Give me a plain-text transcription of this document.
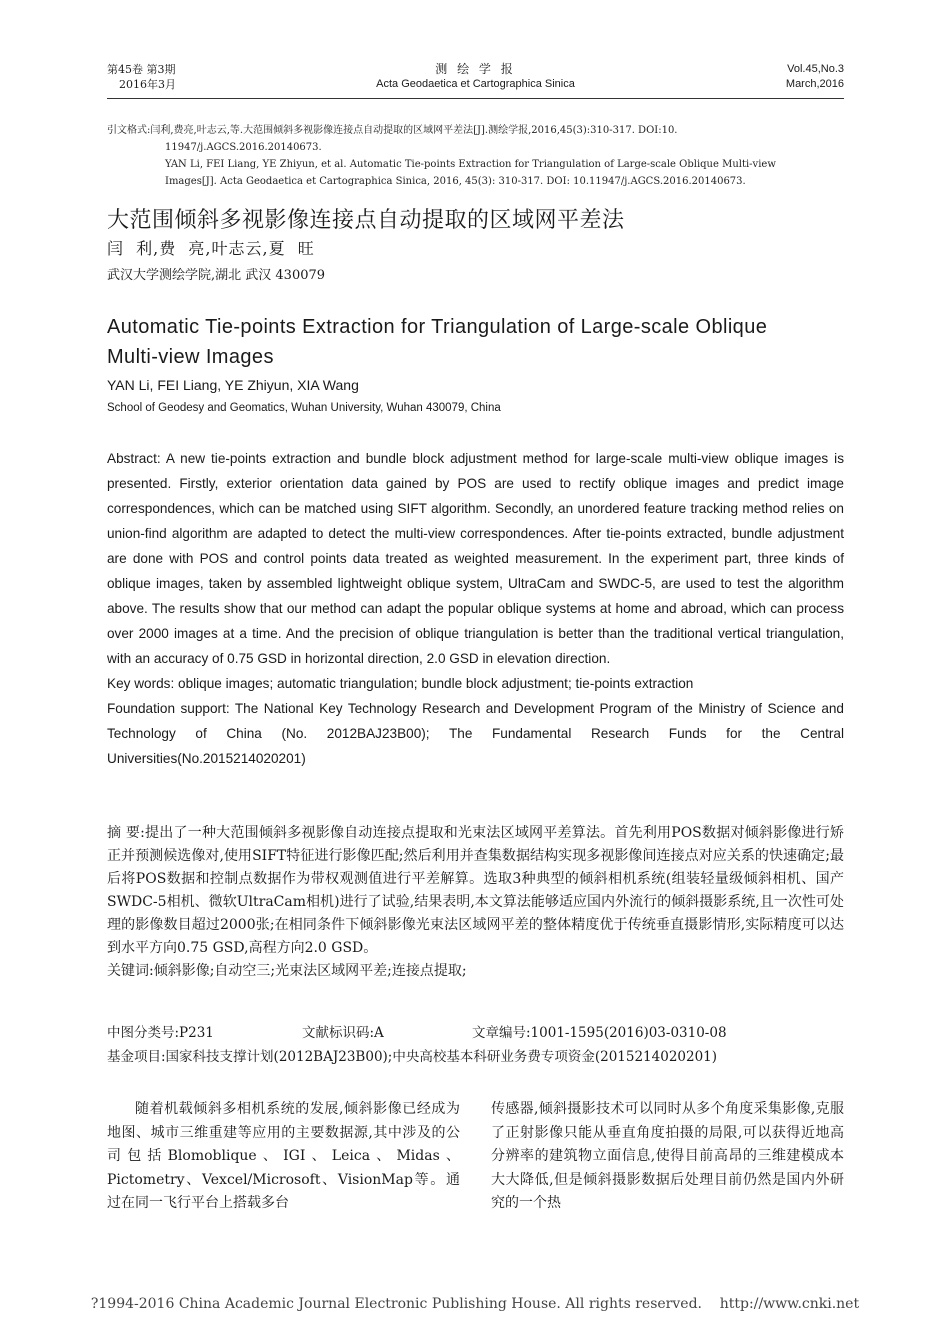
第45卷 第3期
2016年3月
测 绘 学 报
Acta Geodaetica et Cartographica Sinica
Vol.45,No.3
March,2016
引文格式:闫利,费亮,叶志云,等.大范围倾斜多视影像连接点自动提取的区域网平差法[J].测绘学报,2016,45(3):310-317. DOI:10.
11947/j.AGCS.2016.20140673.
YAN Li, FEI Liang, YE Zhiyun, et al. Automatic Tie-points Extraction for Triangulation of Large-scale Oblique Multi-view
Images[J]. Acta Geodaetica et Cartographica Sinica, 2016, 45(3): 310-317. DOI: 10.11947/j.AGCS.2016.20140673.
大范围倾斜多视影像连接点自动提取的区域网平差法
闫  利,费  亮,叶志云,夏  旺
武汉大学测绘学院,湖北 武汉 430079
Automatic Tie-points Extraction for Triangulation of Large-scale Oblique
Multi-view Images
YAN Li, FEI Liang, YE Zhiyun, XIA Wang
School of Geodesy and Geomatics, Wuhan University, Wuhan 430079, China

Abstract: A new tie-points extraction and bundle block adjustment method for large-scale multi-view oblique images is presented. Firstly, exterior orientation data gained by POS are used to rectify oblique images and predict image correspondences, which can be matched using SIFT algorithm. Secondly, an unordered feature tracking method relies on union-find algorithm are adapted to detect the multi-view correspondences. After tie-points extracted, bundle adjustment are done with POS and control points data treated as weighted measurement. In the experiment part, three kinds of oblique images, taken by assembled lightweight oblique system, UltraCam and SWDC-5, are used to test the algorithm above. The results show that our method can adapt the popular oblique systems at home and abroad, which can process over 2000 images at a time. And the precision of oblique triangulation is better than the traditional vertical triangulation, with an accuracy of 0.75 GSD in horizontal direction, 2.0 GSD in elevation direction.

Key words: oblique images; automatic triangulation; bundle block adjustment; tie-points extraction

Foundation support: The National Key Technology Research and Development Program of the Ministry of Science and Technology of China (No. 2012BAJ23B00); The Fundamental Research Funds for the Central Universities(No.2015214020201)

摘 要:提出了一种大范围倾斜多视影像自动连接点提取和光束法区域网平差算法。首先利用POS数据对倾斜影像进行矫正并预测候选像对,使用SIFT特征进行影像匹配;然后利用并查集数据结构实现多视影像间连接点对应关系的快速确定;最后将POS数据和控制点数据作为带权观测值进行平差解算。选取3种典型的倾斜相机系统(组装轻量级倾斜相机、国产SWDC-5相机、微软UltraCam相机)进行了试验,结果表明,本文算法能够适应国内外流行的倾斜摄影系统,且一次性可处理的影像数目超过2000张;在相同条件下倾斜影像光束法区域网平差的整体精度优于传统垂直摄影情形,实际精度可以达到水平方向0.75 GSD,高程方向2.0 GSD。

关键词:倾斜影像;自动空三;光束法区域网平差;连接点提取;

中图分类号:P231	文献标识码:A	文章编号:1001-1595(2016)03-0310-08
基金项目:国家科技支撑计划(2012BAJ23B00);中央高校基本科研业务费专项资金(2015214020201)

随着机载倾斜多相机系统的发展,倾斜影像已经成为地图、城市三维重建等应用的主要数据源,其中涉及的公司包括Blomoblique、IGI、Leica、Midas、Pictometry、Vexcel/Microsoft、VisionMap等。通过在同一飞行平台上搭载多台

传感器,倾斜摄影技术可以同时从多个角度采集影像,克服了正射影像只能从垂直角度拍摄的局限,可以获得近地高分辨率的建筑物立面信息,使得目前高昂的三维建模成本大大降低,但是倾斜摄影数据后处理目前仍然是国内外研究的一个热

?1994-2016 China Academic Journal Electronic Publishing House. All rights reserved.    http://www.cnki.net
